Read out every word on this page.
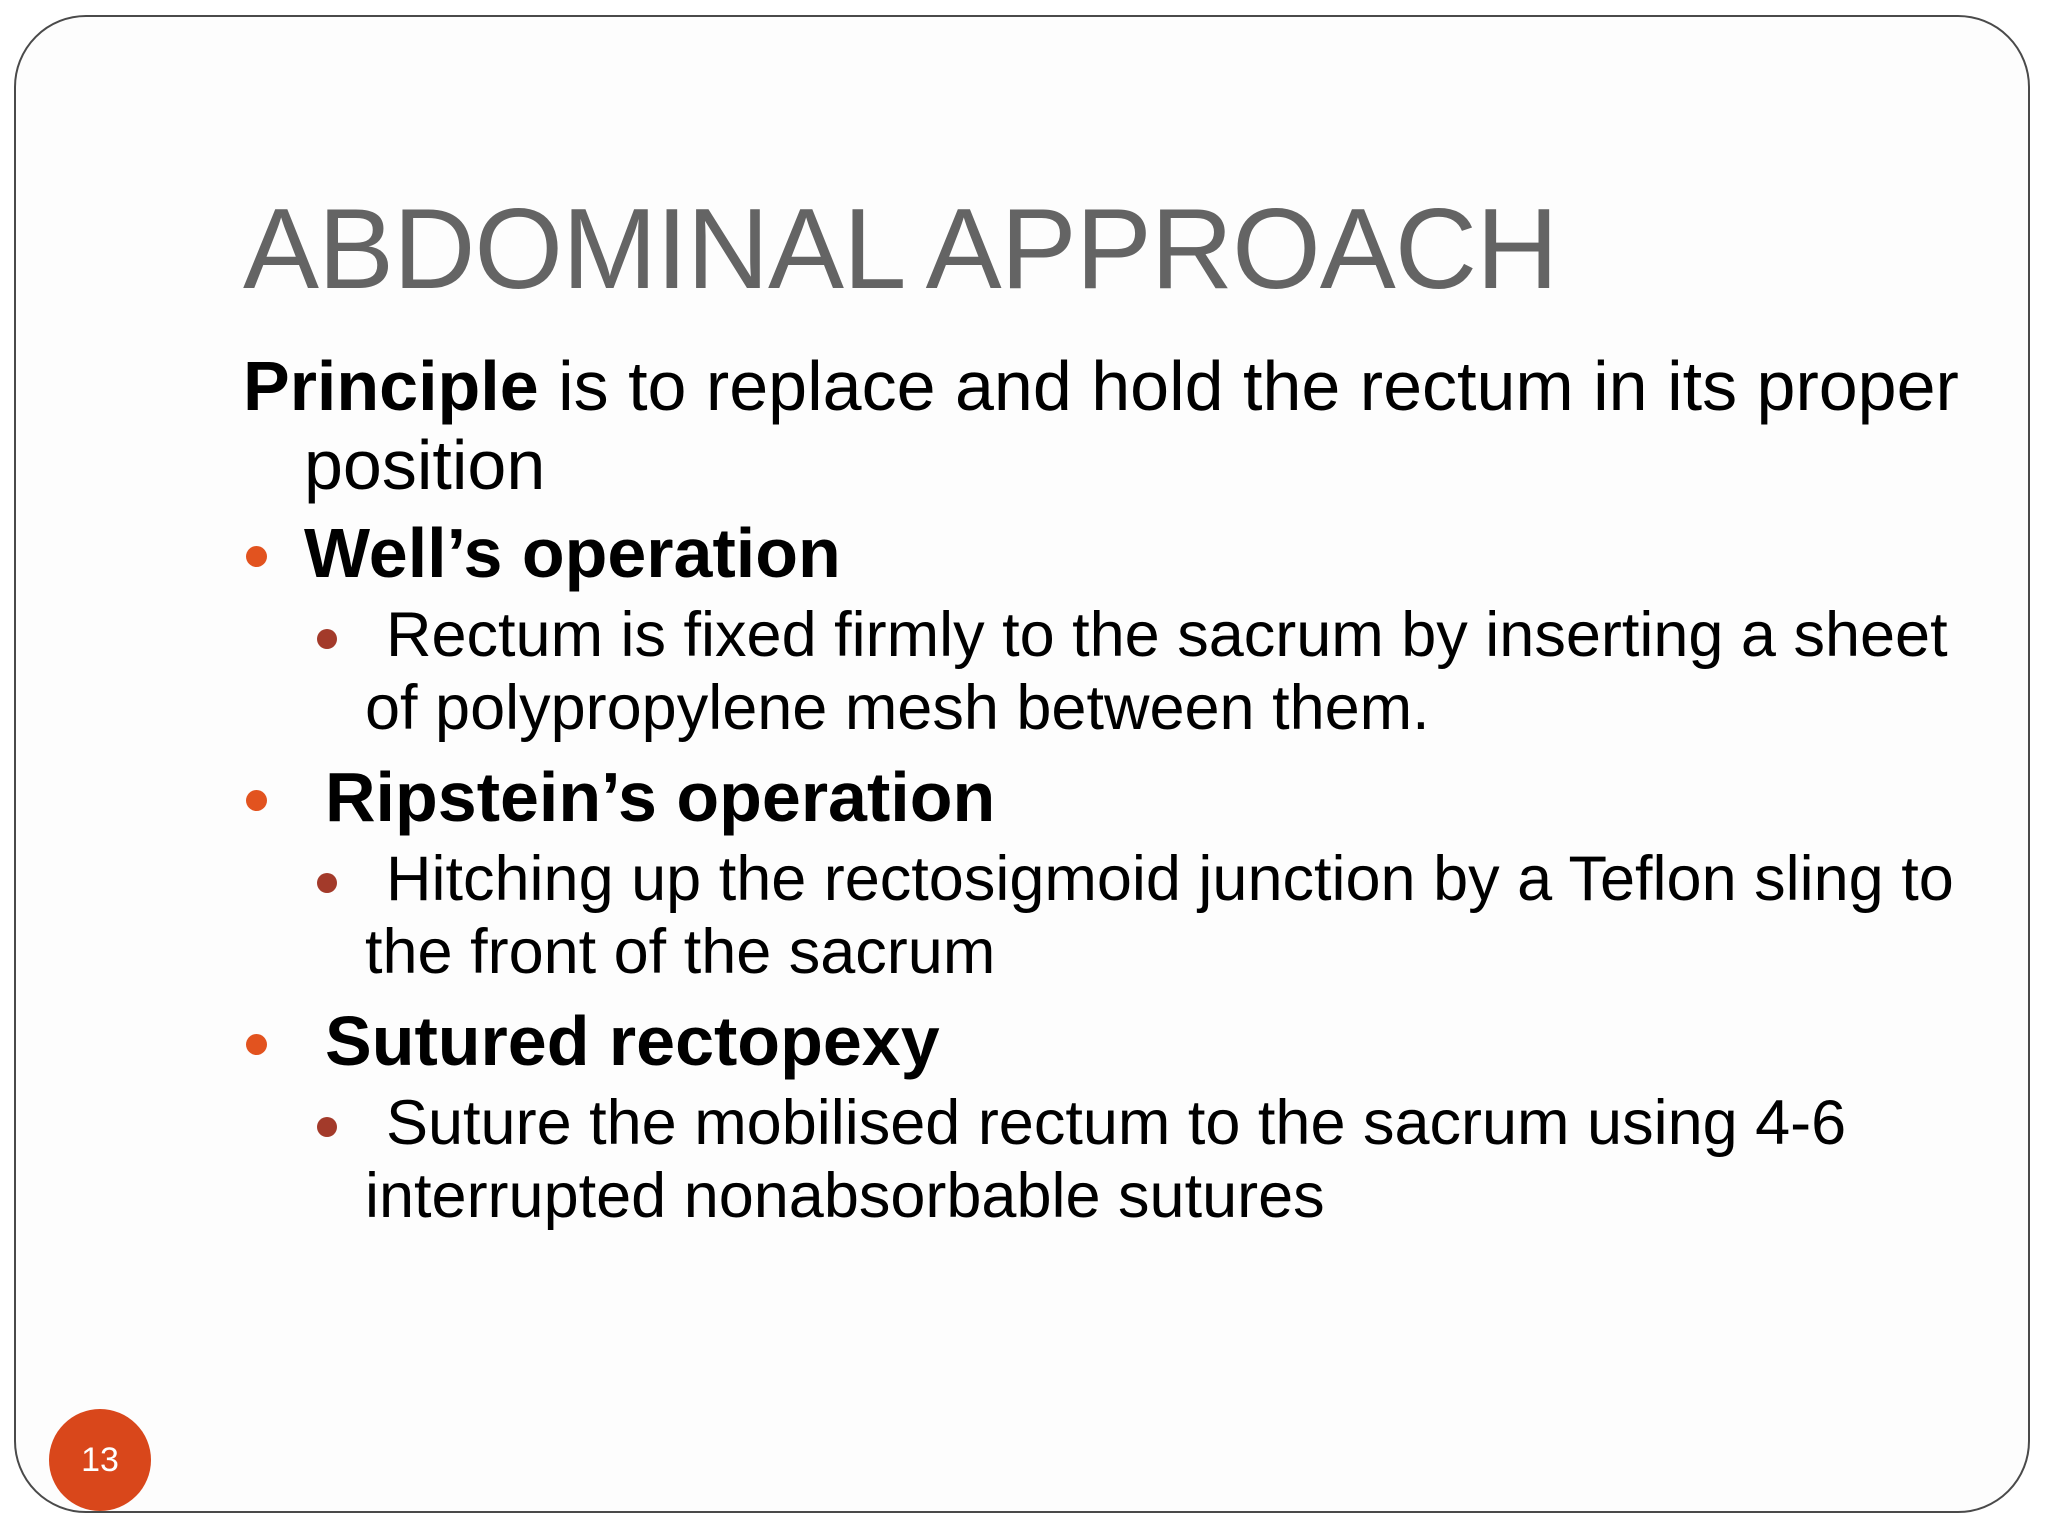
ABDOMINAL APPROACH

Principle is to replace and hold the rectum in its proper position

Well’s operation
Rectum is fixed firmly to the sacrum by inserting a sheet of polypropylene mesh between them.
Ripstein’s operation
Hitching up the rectosigmoid junction by a Teflon sling to the front of the sacrum
Sutured rectopexy
Suture the mobilised rectum to the sacrum using 4-6 interrupted nonabsorbable sutures
13
